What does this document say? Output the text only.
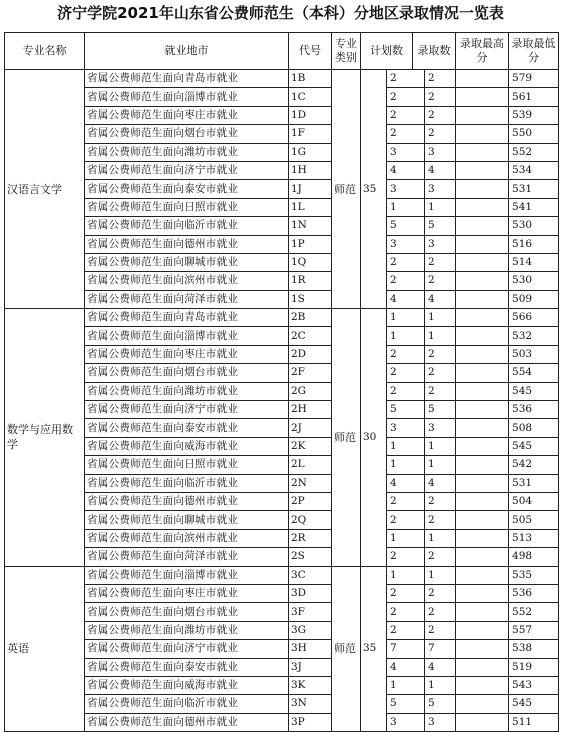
济宁学院2021年山东省公费师范生（本科）分地区录取情况一览表
专业名称	就业地市	代号	专业类别	计划数		录取数		录取最高分	录取最低分	
汉语言文学	省属公费师范生面向青岛市就业	1B	师范	35	2		2		579	
	省属公费师范生面向淄博市就业	1C			2		2		561	
	省属公费师范生面向枣庄市就业	1D			2		2		539	
	省属公费师范生面向烟台市就业	1F			2		2		550	
	省属公费师范生面向潍坊市就业	1G			3		3		552	
	省属公费师范生面向济宁市就业	1H			4		4		534	
	省属公费师范生面向泰安市就业	1J			3		3		531	
	省属公费师范生面向日照市就业	1L			1		1		541	
	省属公费师范生面向临沂市就业	1N			5		5		530	
	省属公费师范生面向德州市就业	1P			3		3		516	
	省属公费师范生面向聊城市就业	1Q			2		2		514	
	省属公费师范生面向滨州市就业	1R			2		2		530	
	省属公费师范生面向菏泽市就业	1S			4		4		509	
数学与应用数学	省属公费师范生面向青岛市就业	2B	师范	30	1		1		566	
	省属公费师范生面向淄博市就业	2C			1		1		532	
	省属公费师范生面向枣庄市就业	2D			2		2		503	
	省属公费师范生面向烟台市就业	2F			2		2		554	
	省属公费师范生面向潍坊市就业	2G			2		2		545	
	省属公费师范生面向济宁市就业	2H			5		5		536	
	省属公费师范生面向泰安市就业	2J			3		3		508	
	省属公费师范生面向威海市就业	2K			1		1		545	
	省属公费师范生面向日照市就业	2L			1		1		542	
	省属公费师范生面向临沂市就业	2N			4		4		531	
	省属公费师范生面向德州市就业	2P			2		2		504	
	省属公费师范生面向聊城市就业	2Q			2		2		505	
	省属公费师范生面向滨州市就业	2R			1		1		513	
	省属公费师范生面向菏泽市就业	2S			2		2		498	
英语	省属公费师范生面向淄博市就业	3C	师范	35	1		1		535	
	省属公费师范生面向枣庄市就业	3D			2		2		536	
	省属公费师范生面向烟台市就业	3F			2		2		552	
	省属公费师范生面向潍坊市就业	3G			2		2		557	
	省属公费师范生面向济宁市就业	3H			7		7		538	
	省属公费师范生面向泰安市就业	3J			4		4		519	
	省属公费师范生面向威海市就业	3K			1		1		543	
	省属公费师范生面向临沂市就业	3N			5		5		545	
	省属公费师范生面向德州市就业	3P			3		3		511	
